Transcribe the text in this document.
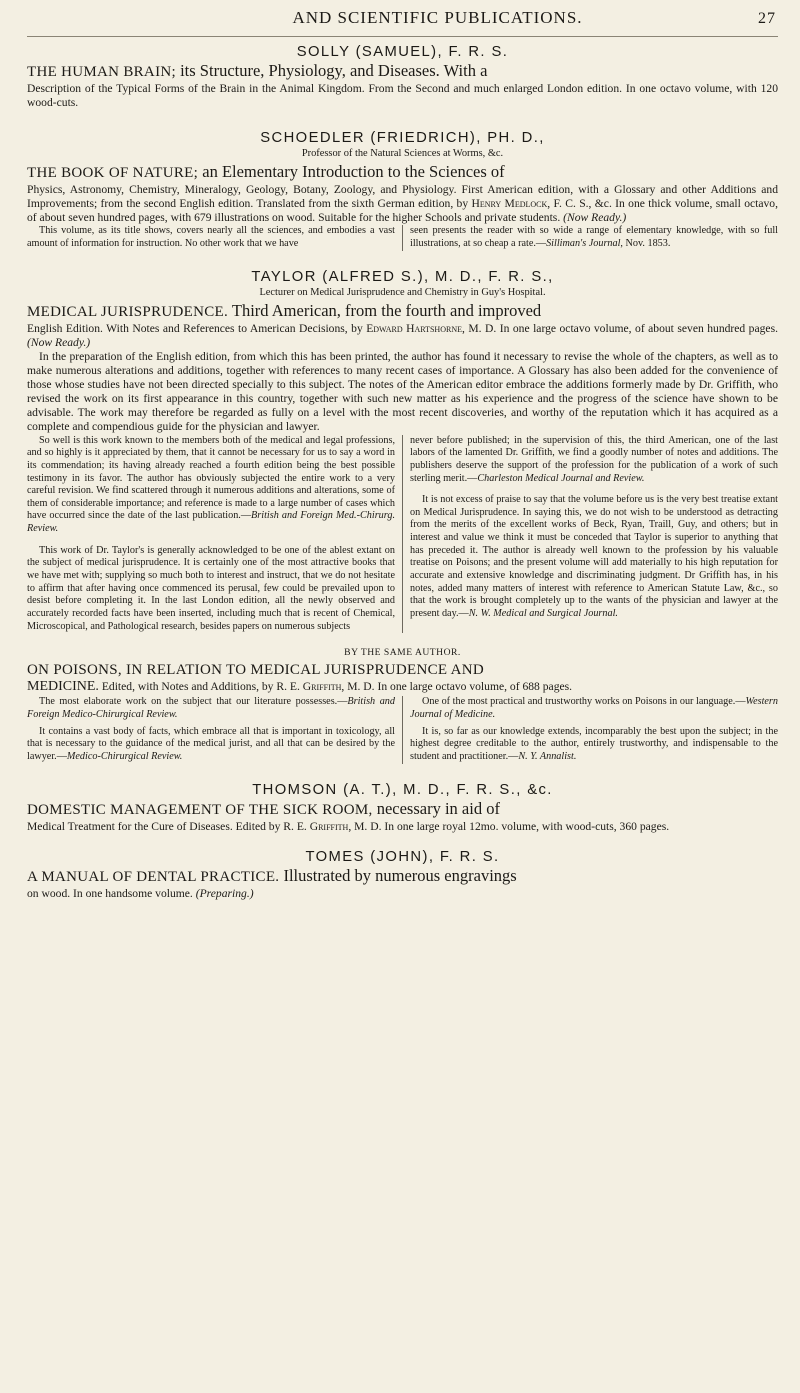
AND SCIENTIFIC PUBLICATIONS.	27

SOLLY (SAMUEL), F. R. S.

THE HUMAN BRAIN; its Structure, Physiology, and Diseases. With a

Description of the Typical Forms of the Brain in the Animal Kingdom. From the Second and much enlarged London edition. In one octavo volume, with 120 wood-cuts.

SCHOEDLER (FRIEDRICH), PH. D.,

Professor of the Natural Sciences at Worms, &c.

THE BOOK OF NATURE; an Elementary Introduction to the Sciences of

Physics, Astronomy, Chemistry, Mineralogy, Geology, Botany, Zoology, and Physiology. First American edition, with a Glossary and other Additions and Improvements; from the second English edition. Translated from the sixth German edition, by Henry Medlock, F. C. S., &c. In one thick volume, small octavo, of about seven hundred pages, with 679 illustrations on wood. Suitable for the higher Schools and private students. (Now Ready.)

This volume, as its title shows, covers nearly all the sciences, and embodies a vast amount of information for instruction. No other work that we have

seen presents the reader with so wide a range of elementary knowledge, with so full illustrations, at so cheap a rate.—Silliman's Journal, Nov. 1853.

TAYLOR (ALFRED S.), M. D., F. R. S.,

Lecturer on Medical Jurisprudence and Chemistry in Guy's Hospital.

MEDICAL JURISPRUDENCE. Third American, from the fourth and improved

English Edition. With Notes and References to American Decisions, by Edward Hartshorne, M. D. In one large octavo volume, of about seven hundred pages. (Now Ready.)

In the preparation of the English edition, from which this has been printed, the author has found it necessary to revise the whole of the chapters, as well as to make numerous alterations and additions, together with references to many recent cases of importance. A Glossary has also been added for the convenience of those whose studies have not been directed specially to this subject. The notes of the American editor embrace the additions formerly made by Dr. Griffith, who revised the work on its first appearance in this country, together with such new matter as his experience and the progress of the science have shown to be advisable. The work may therefore be regarded as fully on a level with the most recent discoveries, and worthy of the reputation which it has acquired as a complete and compendious guide for the physician and lawyer.

So well is this work known to the members both of the medical and legal professions, and so highly is it appreciated by them, that it cannot be necessary for us to say a word in its commendation; its having already reached a fourth edition being the best possible testimony in its favor. The author has obviously subjected the entire work to a very careful revision. We find scattered through it numerous additions and alterations, some of them of considerable importance; and reference is made to a large number of cases which have occurred since the date of the last publication.—British and Foreign Med.-Chirurg. Review.

This work of Dr. Taylor's is generally acknowledged to be one of the ablest extant on the subject of medical jurisprudence. It is certainly one of the most attractive books that we have met with; supplying so much both to interest and instruct, that we do not hesitate to affirm that after having once commenced its perusal, few could be prevailed upon to desist before completing it. In the last London edition, all the newly observed and accurately recorded facts have been inserted, including much that is recent of Chemical, Microscopical, and Pathological research, besides papers on numerous subjects

never before published; in the supervision of this, the third American, one of the last labors of the lamented Dr. Griffith, we find a goodly number of notes and additions. The publishers deserve the support of the profession for the publication of a work of such sterling merit.—Charleston Medical Journal and Review.

It is not excess of praise to say that the volume before us is the very best treatise extant on Medical Jurisprudence. In saying this, we do not wish to be understood as detracting from the merits of the excellent works of Beck, Ryan, Traill, Guy, and others; but in interest and value we think it must be conceded that Taylor is superior to anything that has preceded it. The author is already well known to the profession by his valuable treatise on Poisons; and the present volume will add materially to his high reputation for accurate and extensive knowledge and discriminating judgment. Dr Griffith has, in his notes, added many matters of interest with reference to American Statute Law, &c., so that the work is brought completely up to the wants of the physician and lawyer at the present day.—N. W. Medical and Surgical Journal.

BY THE SAME AUTHOR.

ON POISONS, IN RELATION TO MEDICAL JURISPRUDENCE AND

MEDICINE. Edited, with Notes and Additions, by R. E. Griffith, M. D. In one large octavo volume, of 688 pages.

The most elaborate work on the subject that our literature possesses.—British and Foreign Medico-Chirurgical Review.

It contains a vast body of facts, which embrace all that is important in toxicology, all that is necessary to the guidance of the medical jurist, and all that can be desired by the lawyer.—Medico-Chirurgical Review.

One of the most practical and trustworthy works on Poisons in our language.—Western Journal of Medicine.

It is, so far as our knowledge extends, incomparably the best upon the subject; in the highest degree creditable to the author, entirely trustworthy, and indispensable to the student and practitioner.—N. Y. Annalist.

THOMSON (A. T.), M. D., F. R. S., &c.

DOMESTIC MANAGEMENT OF THE SICK ROOM, necessary in aid of

Medical Treatment for the Cure of Diseases. Edited by R. E. Griffith, M. D. In one large royal 12mo. volume, with wood-cuts, 360 pages.

TOMES (JOHN), F. R. S.

A MANUAL OF DENTAL PRACTICE. Illustrated by numerous engravings

on wood. In one handsome volume. (Preparing.)
